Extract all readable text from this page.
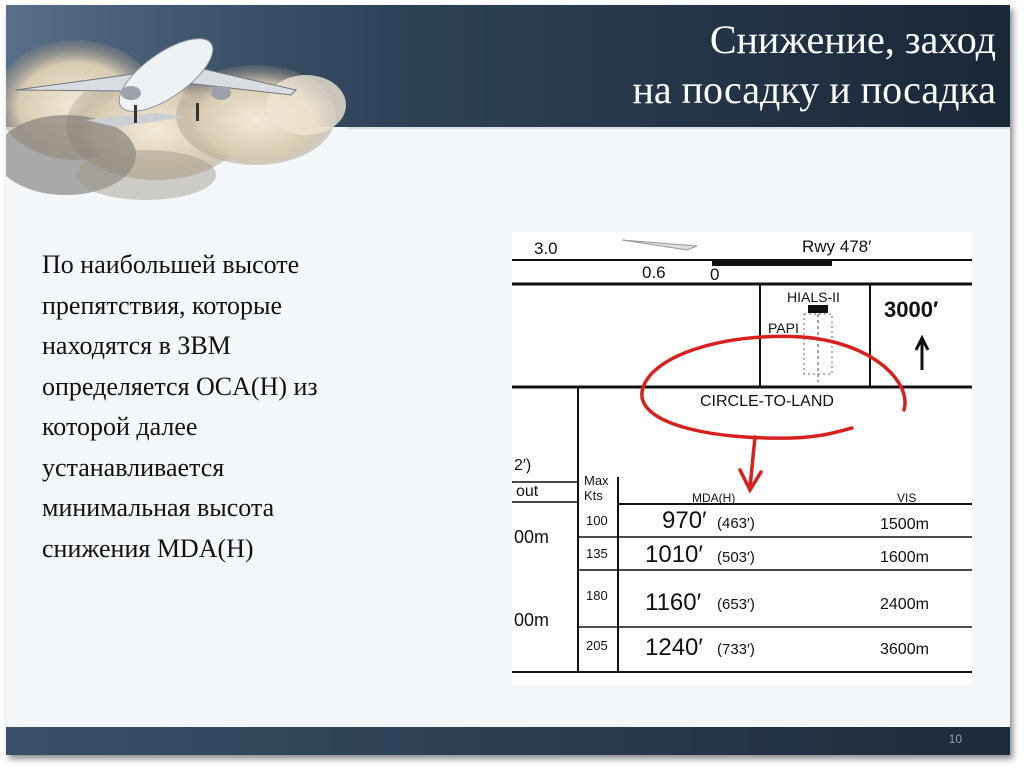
Снижение, заход
на посадку и посадка
По наибольшей высоте
препятствия, которые
находятся в ЗВМ
определяется OCA(H) из
которой далее
устанавливается
минимальная высота
снижения MDA(H)
3.0	Rwy 478′
0.6	0
HIALS-II
PAPI
3000′
CIRCLE-TO-LAND
2′)
out
00m
00m
Max Kts	MDA(H)	VIS
100 970′ (463′)	1500m
135 1010′ (503′)	1600m
180 1160′ (653′)	2400m
205 1240′ (733′)	3600m
10
